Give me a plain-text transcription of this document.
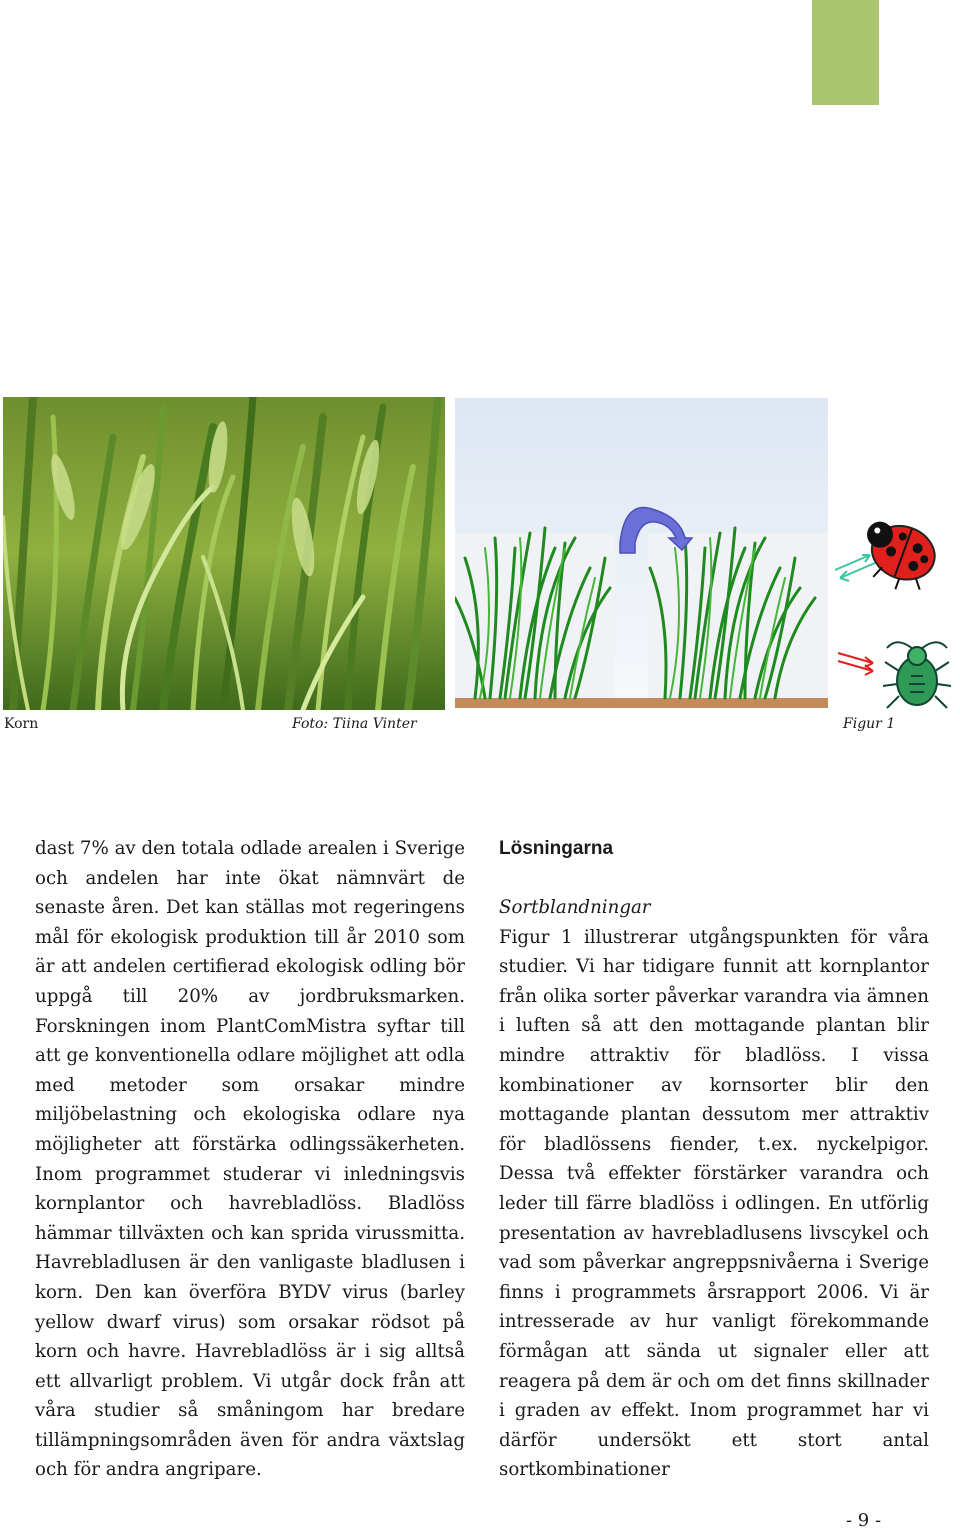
Korn	Foto: Tiina Vinter	Figur 1

dast 7% av den totala odlade arealen i Sverige och andelen har inte ökat nämnvärt de senaste åren. Det kan ställas mot regeringens mål för ekologisk produktion till år 2010 som är att andelen certifierad ekologisk odling bör uppgå till 20% av jordbruksmarken. Forskningen inom PlantComMistra syftar till att ge konventionella odlare möjlighet att odla med metoder som orsakar mindre miljöbelastning och ekologiska odlare nya möjligheter att förstärka odlingssäkerheten. Inom programmet studerar vi inledningsvis kornplantor och havrebladlöss. Bladlöss hämmar tillväxten och kan sprida virussmitta. Havrebladlusen är den vanligaste bladlusen i korn. Den kan överföra BYDV virus (barley yellow dwarf virus) som orsakar rödsot på korn och havre. Havrebladlöss är i sig alltså ett allvarligt problem. Vi utgår dock från att våra studier så småningom har bredare tillämpningsområden även för andra växtslag och för andra angripare.

Lösningarna
Sortblandningar

Figur 1 illustrerar utgångspunkten för våra studier. Vi har tidigare funnit att kornplantor från olika sorter påverkar varandra via ämnen i luften så att den mottagande plantan blir mindre attraktiv för bladlöss. I vissa kombinationer av kornsorter blir den mottagande plantan dessutom mer attraktiv för bladlössens fiender, t.ex. nyckelpigor. Dessa två effekter förstärker varandra och leder till färre bladlöss i odlingen. En utförlig presentation av havrebladlusens livscykel och vad som påverkar angreppsnivåerna i Sverige finns i programmets årsrapport 2006. Vi är intresserade av hur vanligt förekommande förmågan att sända ut signaler eller att reagera på dem är och om det finns skillnader i graden av effekt. Inom programmet har vi därför undersökt ett stort antal sortkombinationer

- 9 -
